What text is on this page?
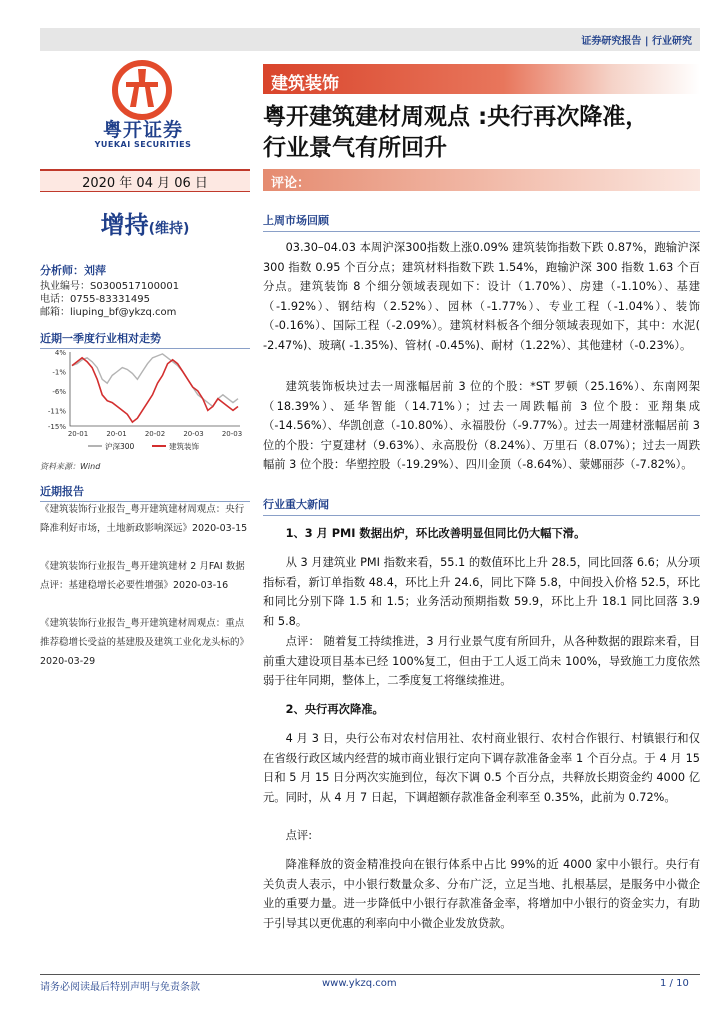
证券研究报告 | 行业研究
粤开证券
YUEKAI SECURITIES
建筑装饰
粤开建筑建材周观点 :央行再次降准，
行业景气有所回升
2020 年 04 月 06 日	评论：
增持(维持)
分析师：刘萍
执业编号：S0300517100001
电话：0755-83331495
邮箱：liuping_bf@ykzq.com
近期一季度行业相对走势
4%
-1%
-6%
-11%
-15%
20-01	20-01	20-02	20-03	20-03
沪深300	建筑装饰
资料来源：Wind
近期报告
《建筑装饰行业报告_粤开建筑建材周观点：央行降准利好市场，土地新政影响深远》2020-03-15
《建筑装饰行业报告_粤开建筑建材 2 月FAI 数据点评：基建稳增长必要性增强》2020-03-16
《建筑装饰行业报告_粤开建筑建材周观点：重点推荐稳增长受益的基建股及建筑工业化龙头标的》2020-03-29
上周市场回顾

03.30–04.03 本周沪深300指数上涨0.09% 建筑装饰指数下跌 0.87%，跑输沪深 300 指数 0.95 个百分点；建筑材料指数下跌 1.54%，跑输沪深 300 指数 1.63 个百分点。建筑装饰 8 个细分领域表现如下：设计（1.70%）、房建（-1.10%）、基建（-1.92%）、钢结构（2.52%）、园林（-1.77%）、专业工程（-1.04%）、装饰（-0.16%）、国际工程（-2.09%）。建筑材料板各个细分领域表现如下，其中：水泥( -2.47%)、玻璃( -1.35%)、管材( -0.45%)、耐材（1.22%）、其他建材（-0.23%）。

建筑装饰板块过去一周涨幅居前 3 位的个股：*ST 罗顿（25.16%）、东南网架（18.39%）、延华智能（14.71%）；过去一周跌幅前 3 位个股：亚翔集成（-14.56%）、华凯创意（-10.80%）、永福股份（-9.77%）。过去一周建材涨幅居前 3 位的个股：宁夏建材（9.63%）、永高股份（8.24%）、万里石（8.07%）；过去一周跌幅前 3 位个股：华塑控股（-19.29%）、四川金顶（-8.64%）、蒙娜丽莎（-7.82%）。

行业重大新闻

1、3 月 PMI 数据出炉，环比改善明显但同比仍大幅下滑。

从 3 月建筑业 PMI 指数来看，55.1 的数值环比上升 28.5，同比回落 6.6；从分项指标看，新订单指数 48.4，环比上升 24.6，同比下降 5.8，中间投入价格 52.5，环比和同比分别下降 1.5 和 1.5；业务活动预期指数 59.9，环比上升 18.1 同比回落 3.9 和 5.8。

点评： 随着复工持续推进，3 月行业景气度有所回升，从各种数据的跟踪来看，目前重大建设项目基本已经 100%复工，但由于工人返工尚未 100%，导致施工力度依然弱于往年同期，整体上，二季度复工将继续推进。

2、央行再次降准。

4 月 3 日，央行公布对农村信用社、农村商业银行、农村合作银行、村镇银行和仅在省级行政区域内经营的城市商业银行定向下调存款准备金率 1 个百分点。于 4 月 15 日和 5 月 15 日分两次实施到位，每次下调 0.5 个百分点，共释放长期资金约 4000 亿元。同时，从 4 月 7 日起，下调超额存款准备金利率至 0.35%，此前为 0.72%。

点评:

降准释放的资金精准投向在银行体系中占比 99%的近 4000 家中小银行。央行有关负责人表示，中小银行数量众多、分布广泛，立足当地、扎根基层，是服务中小微企业的重要力量。进一步降低中小银行存款准备金率，将增加中小银行的资金实力，有助于引导其以更优惠的利率向中小微企业发放贷款。

请务必阅读最后特别声明与免责条款	www.ykzq.com	1 / 10
